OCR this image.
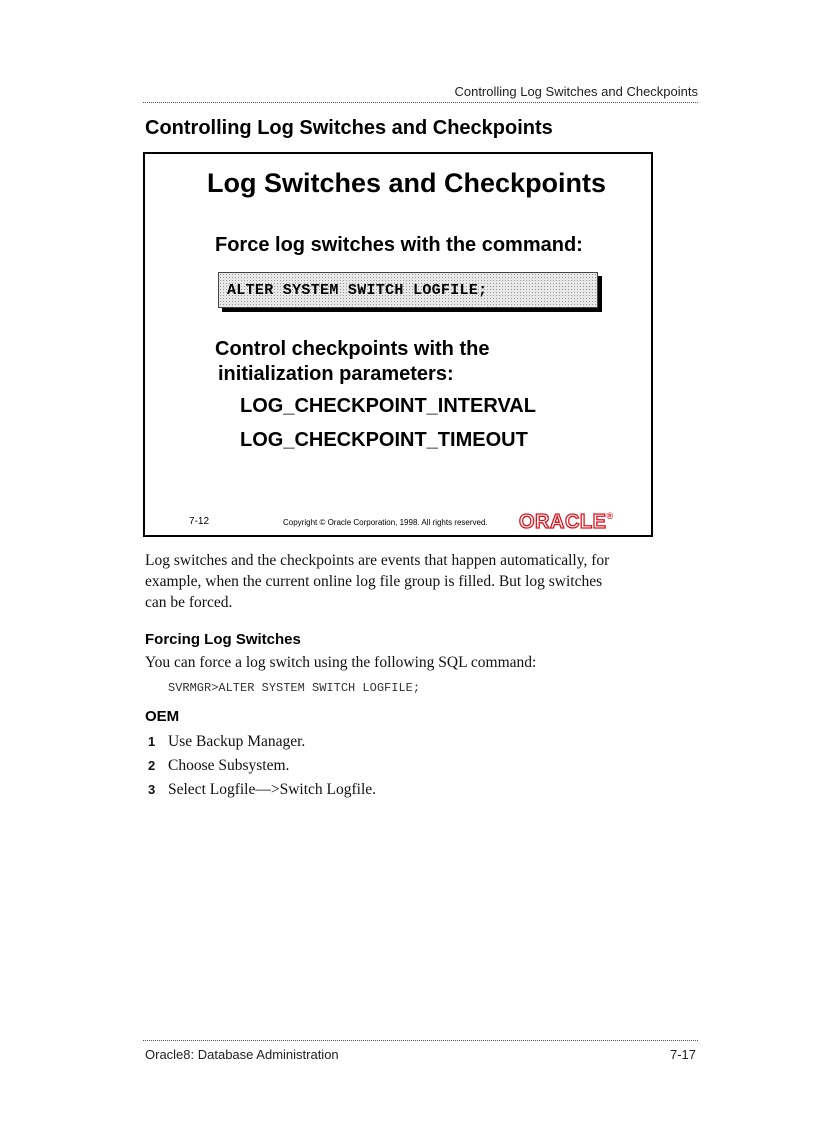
Controlling Log Switches and Checkpoints
Controlling Log Switches and Checkpoints
Log Switches and Checkpoints
Force log switches with the command:
ALTER SYSTEM SWITCH LOGFILE;
Control checkpoints with the
initialization parameters:
LOG_CHECKPOINT_INTERVAL
LOG_CHECKPOINT_TIMEOUT
7-12	Copyright © Oracle Corporation, 1998. All rights reserved. ORACLE®
Log switches and the checkpoints are events that happen automatically, for
example, when the current online log file group is filled. But log switches
can be forced.
Forcing Log Switches
You can force a log switch using the following SQL command:
SVRMGR>ALTER SYSTEM SWITCH LOGFILE;
OEM
1 Use Backup Manager.
2 Choose Subsystem.
3 Select Logfile—>Switch Logfile.
Oracle8: Database Administration	7-17
